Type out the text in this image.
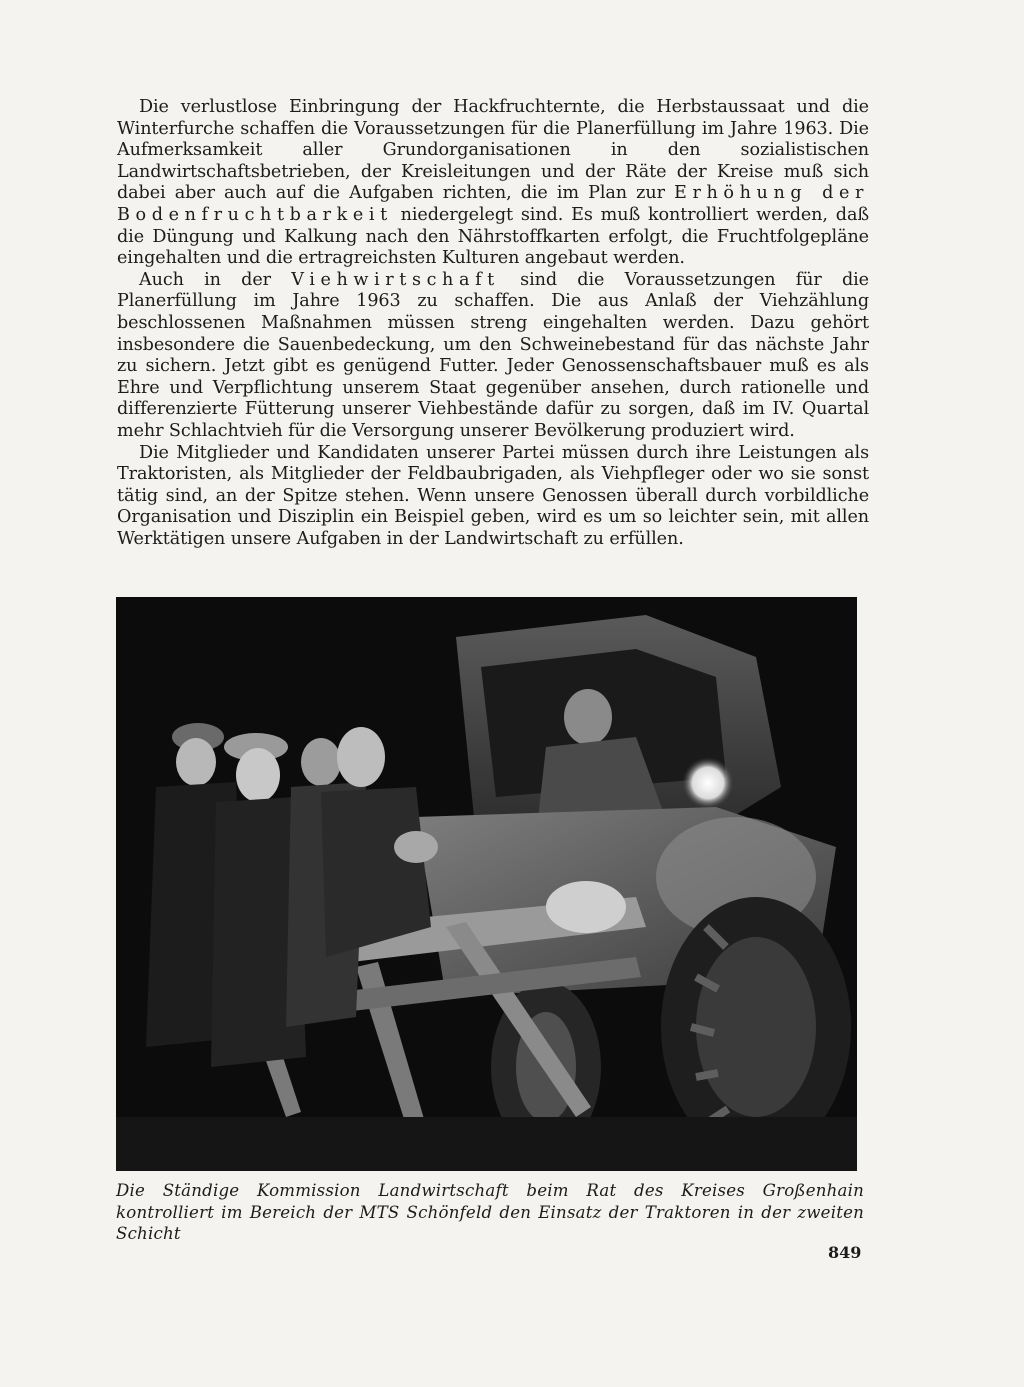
Die verlustlose Einbringung der Hackfruchternte, die Herbstaussaat und die Winterfurche schaffen die Voraussetzungen für die Planerfüllung im Jahre 1963. Die Aufmerksamkeit aller Grundorganisationen in den sozialistischen Landwirtschaftsbetrieben, der Kreisleitungen und der Räte der Kreise muß sich dabei aber auch auf die Aufgaben richten, die im Plan zur Erhöhung der Bodenfruchtbarkeit niedergelegt sind. Es muß kontrolliert werden, daß die Düngung und Kalkung nach den Nährstoffkarten erfolgt, die Fruchtfolgepläne eingehalten und die ertragreichsten Kulturen angebaut werden.

Auch in der Viehwirtschaft sind die Voraussetzungen für die Planerfüllung im Jahre 1963 zu schaffen. Die aus Anlaß der Viehzählung beschlossenen Maßnahmen müssen streng eingehalten werden. Dazu gehört insbesondere die Sauenbedeckung, um den Schweinebestand für das nächste Jahr zu sichern. Jetzt gibt es genügend Futter. Jeder Genossenschaftsbauer muß es als Ehre und Verpflichtung unserem Staat gegenüber ansehen, durch rationelle und differenzierte Fütterung unserer Viehbestände dafür zu sorgen, daß im IV. Quartal mehr Schlachtvieh für die Versorgung unserer Bevölkerung produziert wird.

Die Mitglieder und Kandidaten unserer Partei müssen durch ihre Leistungen als Traktoristen, als Mitglieder der Feldbaubrigaden, als Viehpfleger oder wo sie sonst tätig sind, an der Spitze stehen. Wenn unsere Genossen überall durch vorbildliche Organisation und Disziplin ein Beispiel geben, wird es um so leichter sein, mit allen Werktätigen unsere Aufgaben in der Landwirtschaft zu erfüllen.

Die Ständige Kommission Landwirtschaft beim Rat des Kreises Großenhain kontrolliert im Bereich der MTS Schönfeld den Einsatz der Traktoren in der zweiten Schicht
849
